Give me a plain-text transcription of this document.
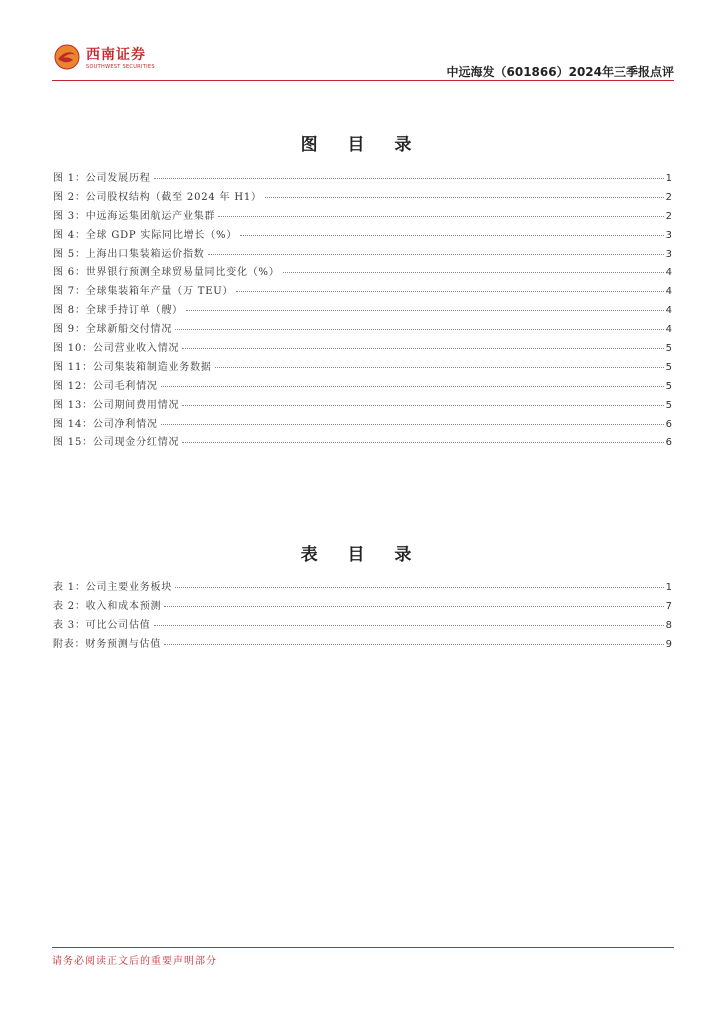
西南证券
SOUTHWEST SECURITIES	中远海发（601866）2024年三季报点评
图 目 录
图 1：公司发展历程	1
图 2：公司股权结构（截至 2024 年 H1）	2
图 3：中远海运集团航运产业集群	2
图 4：全球 GDP 实际同比增长（%）	3
图 5：上海出口集装箱运价指数	3
图 6：世界银行预测全球贸易量同比变化（%）	4
图 7：全球集装箱年产量（万 TEU）	4
图 8：全球手持订单（艘）	4
图 9：全球新船交付情况	4
图 10：公司营业收入情况	5
图 11：公司集装箱制造业务数据	5
图 12：公司毛利情况	5
图 13：公司期间费用情况	5
图 14：公司净利情况	6
图 15：公司现金分红情况	6
表 目 录
表 1：公司主要业务板块	1
表 2：收入和成本预测	7
表 3：可比公司估值	8
附表：财务预测与估值	9
请务必阅读正文后的重要声明部分
